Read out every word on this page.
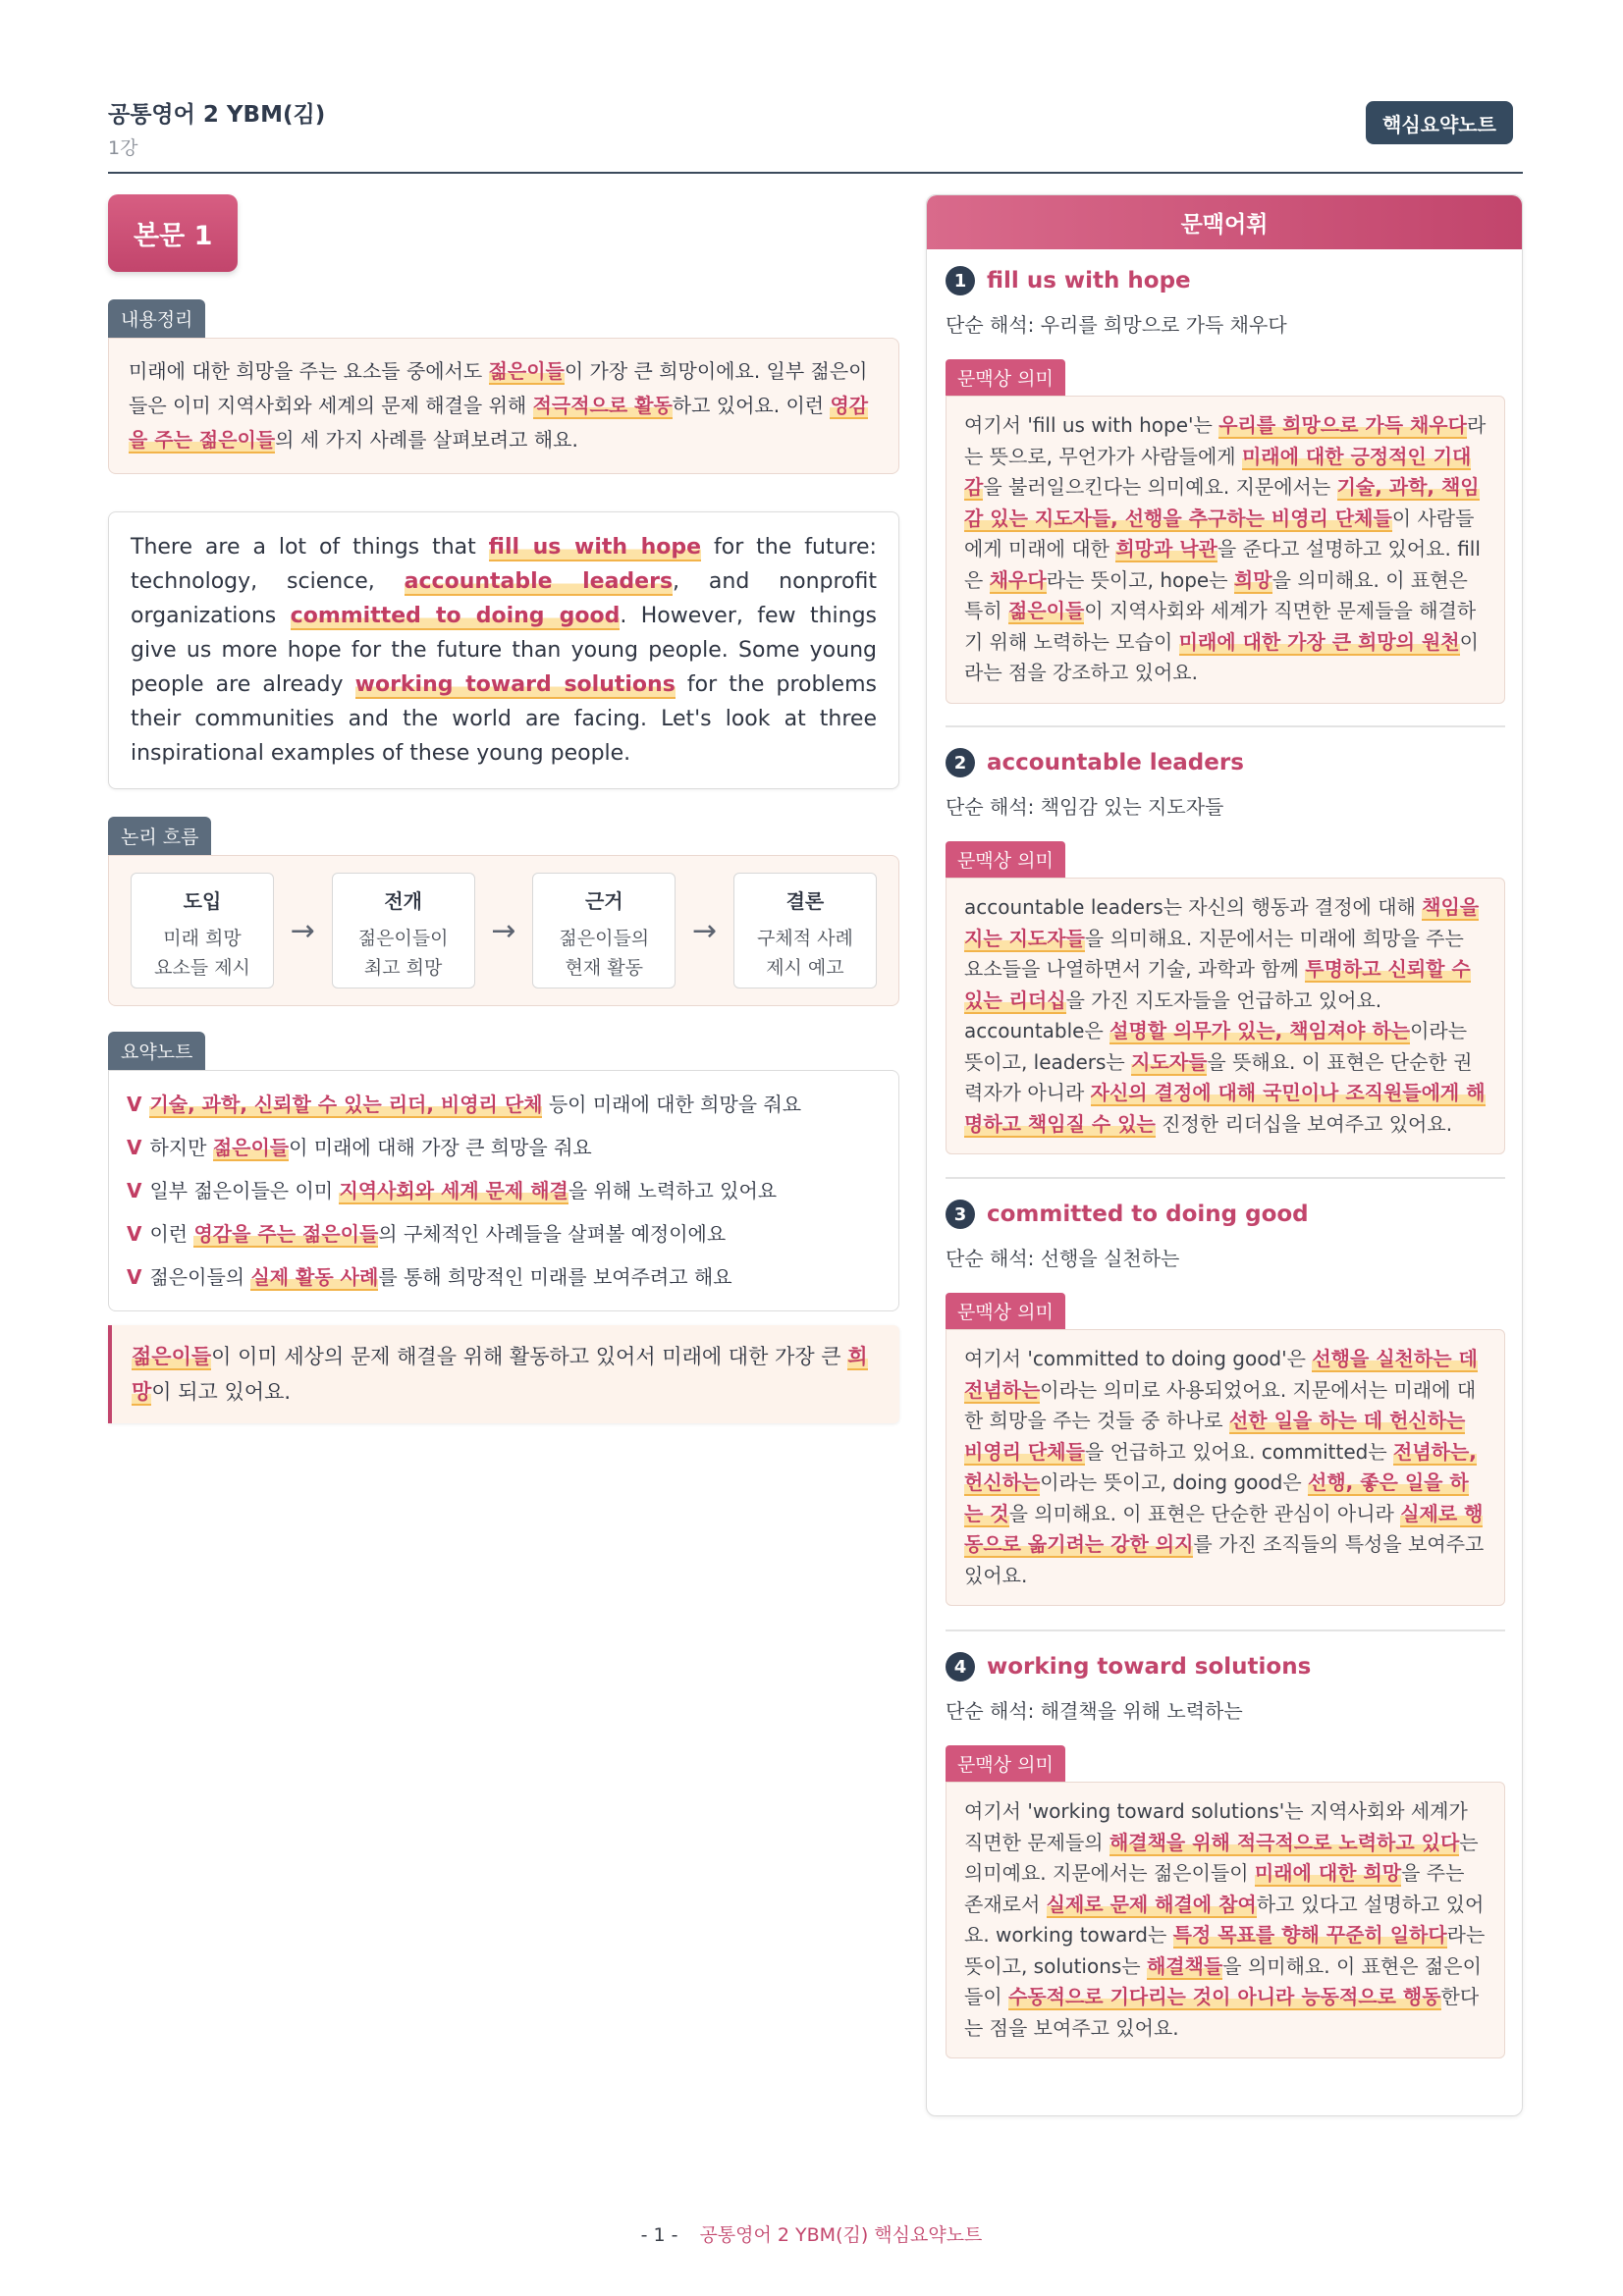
공통영어 2 YBM(김)
1강
핵심요약노트
본문 1
내용정리
미래에 대한 희망을 주는 요소들 중에서도 젊은이들이 가장 큰 희망이에요. 일부 젊은이들은 이미 지역사회와 세계의 문제 해결을 위해 적극적으로 활동하고 있어요. 이런 영감을 주는 젊은이들의 세 가지 사례를 살펴보려고 해요.
There are a lot of things that fill us with hope for the future: technology, science, accountable leaders, and nonprofit organizations committed to doing good. However, few things give us more hope for the future than young people. Some young people are already working toward solutions for the problems their communities and the world are facing. Let's look at three inspirational examples of these young people.
논리 흐름
도입
미래 희망
요소들 제시
→
전개
젊은이들이
최고 희망
→
근거
젊은이들의
현재 활동
→
결론
구체적 사례
제시 예고
요약노트
V 기술, 과학, 신뢰할 수 있는 리더, 비영리 단체 등이 미래에 대한 희망을 줘요
V 하지만 젊은이들이 미래에 대해 가장 큰 희망을 줘요
V 일부 젊은이들은 이미 지역사회와 세계 문제 해결을 위해 노력하고 있어요
V 이런 영감을 주는 젊은이들의 구체적인 사례들을 살펴볼 예정이에요
V 젊은이들의 실제 활동 사례를 통해 희망적인 미래를 보여주려고 해요
젊은이들이 이미 세상의 문제 해결을 위해 활동하고 있어서 미래에 대한 가장 큰 희망이 되고 있어요.
문맥어휘
1 fill us with hope
단순 해석: 우리를 희망으로 가득 채우다
문맥상 의미
여기서 'fill us with hope'는 우리를 희망으로 가득 채우다라는 뜻으로, 무언가가 사람들에게 미래에 대한 긍정적인 기대감을 불러일으킨다는 의미예요. 지문에서는 기술, 과학, 책임감 있는 지도자들, 선행을 추구하는 비영리 단체들이 사람들에게 미래에 대한 희망과 낙관을 준다고 설명하고 있어요. fill은 채우다라는 뜻이고, hope는 희망을 의미해요. 이 표현은 특히 젊은이들이 지역사회와 세계가 직면한 문제들을 해결하기 위해 노력하는 모습이 미래에 대한 가장 큰 희망의 원천이라는 점을 강조하고 있어요.
2 accountable leaders
단순 해석: 책임감 있는 지도자들
문맥상 의미
accountable leaders는 자신의 행동과 결정에 대해 책임을 지는 지도자들을 의미해요. 지문에서는 미래에 희망을 주는 요소들을 나열하면서 기술, 과학과 함께 투명하고 신뢰할 수 있는 리더십을 가진 지도자들을 언급하고 있어요. accountable은 설명할 의무가 있는, 책임져야 하는이라는 뜻이고, leaders는 지도자들을 뜻해요. 이 표현은 단순한 권력자가 아니라 자신의 결정에 대해 국민이나 조직원들에게 해명하고 책임질 수 있는 진정한 리더십을 보여주고 있어요.
3 committed to doing good
단순 해석: 선행을 실천하는
문맥상 의미
여기서 'committed to doing good'은 선행을 실천하는 데 전념하는이라는 의미로 사용되었어요. 지문에서는 미래에 대한 희망을 주는 것들 중 하나로 선한 일을 하는 데 헌신하는 비영리 단체들을 언급하고 있어요. committed는 전념하는, 헌신하는이라는 뜻이고, doing good은 선행, 좋은 일을 하는 것을 의미해요. 이 표현은 단순한 관심이 아니라 실제로 행동으로 옮기려는 강한 의지를 가진 조직들의 특성을 보여주고 있어요.
4 working toward solutions
단순 해석: 해결책을 위해 노력하는
문맥상 의미
여기서 'working toward solutions'는 지역사회와 세계가 직면한 문제들의 해결책을 위해 적극적으로 노력하고 있다는 의미예요. 지문에서는 젊은이들이 미래에 대한 희망을 주는 존재로서 실제로 문제 해결에 참여하고 있다고 설명하고 있어요. working toward는 특정 목표를 향해 꾸준히 일하다라는 뜻이고, solutions는 해결책들을 의미해요. 이 표현은 젊은이들이 수동적으로 기다리는 것이 아니라 능동적으로 행동한다는 점을 보여주고 있어요.
- 1 - 공통영어 2 YBM(김) 핵심요약노트
